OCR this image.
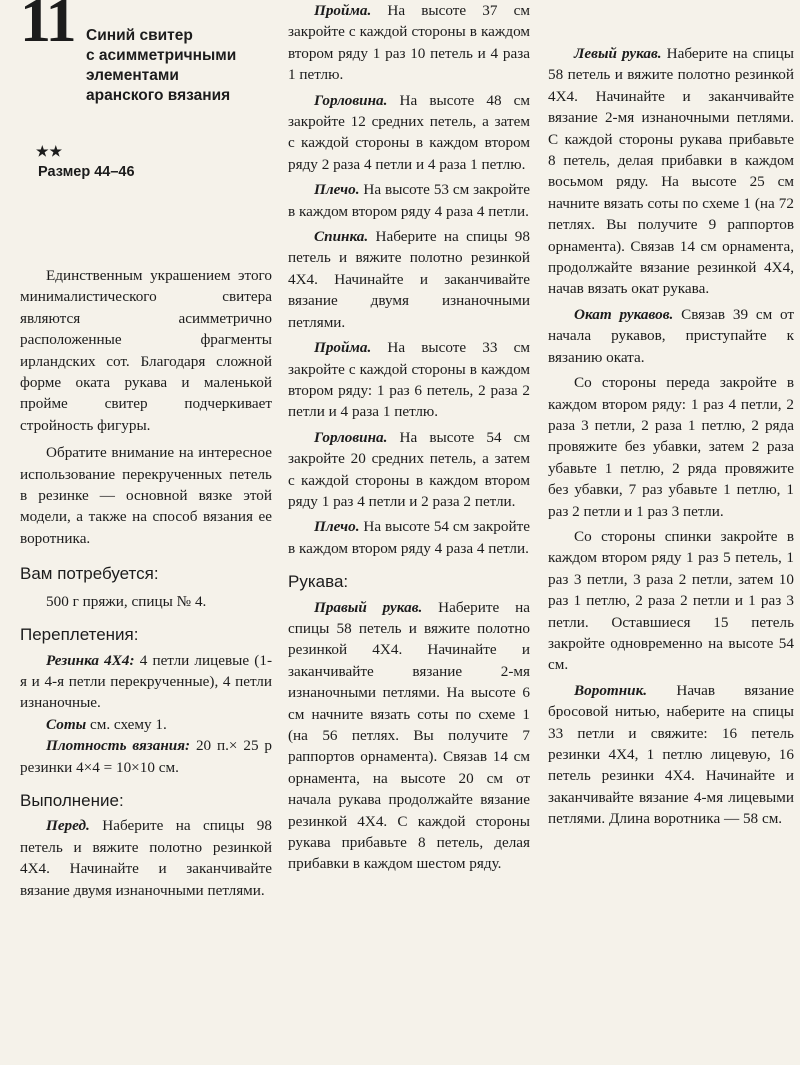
11 Синий свитер
с асимметричными
элементами
аранского вязания
★★
Размер 44–46

Единственным украшением этого минималистического свитера являются асимметрично расположенные фрагменты ирландских сот. Благодаря сложной форме оката рукава и маленькой пройме свитер подчеркивает стройность фигуры.

Обратите внимание на интересное использование перекрученных петель в резинке — основной вязке этой модели, а также на способ вязания ее воротника.

Вам потребуется:

500 г пряжи, спицы № 4.

Переплетения:

Резинка 4Х4: 4 петли лицевые (1-я и 4-я петли перекрученные), 4 петли изнаночные.

Соты см. схему 1.

Плотность вязания: 20 п.× 25 р резинки 4×4 = 10×10 см.

Выполнение:

Перед. Наберите на спицы 98 петель и вяжите полотно резинкой 4Х4. Начинайте и заканчивайте вязание двумя изнаночными петлями.

Пройма. На высоте 37 см закройте с каждой стороны в каждом втором ряду 1 раз 10 петель и 4 раза 1 петлю.

Горловина. На высоте 48 см закройте 12 средних петель, а затем с каждой стороны в каждом втором ряду 2 раза 4 петли и 4 раза 1 петлю.

Плечо. На высоте 53 см закройте в каждом втором ряду 4 раза 4 петли.

Спинка. Наберите на спицы 98 петель и вяжите полотно резинкой 4Х4. Начинайте и заканчивайте вязание двумя изнаночными петлями.

Пройма. На высоте 33 см закройте с каждой стороны в каждом втором ряду: 1 раз 6 петель, 2 раза 2 петли и 4 раза 1 петлю.

Горловина. На высоте 54 см закройте 20 средних петель, а затем с каждой стороны в каждом втором ряду 1 раз 4 петли и 2 раза 2 петли.

Плечо. На высоте 54 см закройте в каждом втором ряду 4 раза 4 петли.

Рукава:

Правый рукав. Наберите на спицы 58 петель и вяжите полотно резинкой 4Х4. Начинайте и заканчивайте вязание 2-мя изнаночными петлями. На высоте 6 см начните вязать соты по схеме 1 (на 56 петлях. Вы получите 7 раппортов орнамента). Связав 14 см орнамента, на высоте 20 см от начала рукава продолжайте вязание резинкой 4Х4. С каждой стороны рукава прибавьте 8 петель, делая прибавки в каждом шестом ряду.

Левый рукав. Наберите на спицы 58 петель и вяжите полотно резинкой 4Х4. Начинайте и заканчивайте вязание 2-мя изнаночными петлями. С каждой стороны рукава прибавьте 8 петель, делая прибавки в каждом восьмом ряду. На высоте 25 см начните вязать соты по схеме 1 (на 72 петлях. Вы получите 9 раппортов орнамента). Связав 14 см орнамента, продолжайте вязание резинкой 4Х4, начав вязать окат рукава.

Окат рукавов. Связав 39 см от начала рукавов, приступайте к вязанию оката.

Со стороны переда закройте в каждом втором ряду: 1 раз 4 петли, 2 раза 3 петли, 2 раза 1 петлю, 2 ряда провяжите без убавки, затем 2 раза убавьте 1 петлю, 2 ряда провяжите без убавки, 7 раз убавьте 1 петлю, 1 раз 2 петли и 1 раз 3 петли.

Со стороны спинки закройте в каждом втором ряду 1 раз 5 петель, 1 раз 3 петли, 3 раза 2 петли, затем 10 раз 1 петлю, 2 раза 2 петли и 1 раз 3 петли. Оставшиеся 15 петель закройте одновременно на высоте 54 см.

Воротник. Начав вязание бросовой нитью, наберите на спицы 33 петли и свяжите: 16 петель резинки 4Х4, 1 петлю лицевую, 16 петель резинки 4Х4. Начинайте и заканчивайте вязание 4-мя лицевыми петлями. Длина воротника — 58 см.
